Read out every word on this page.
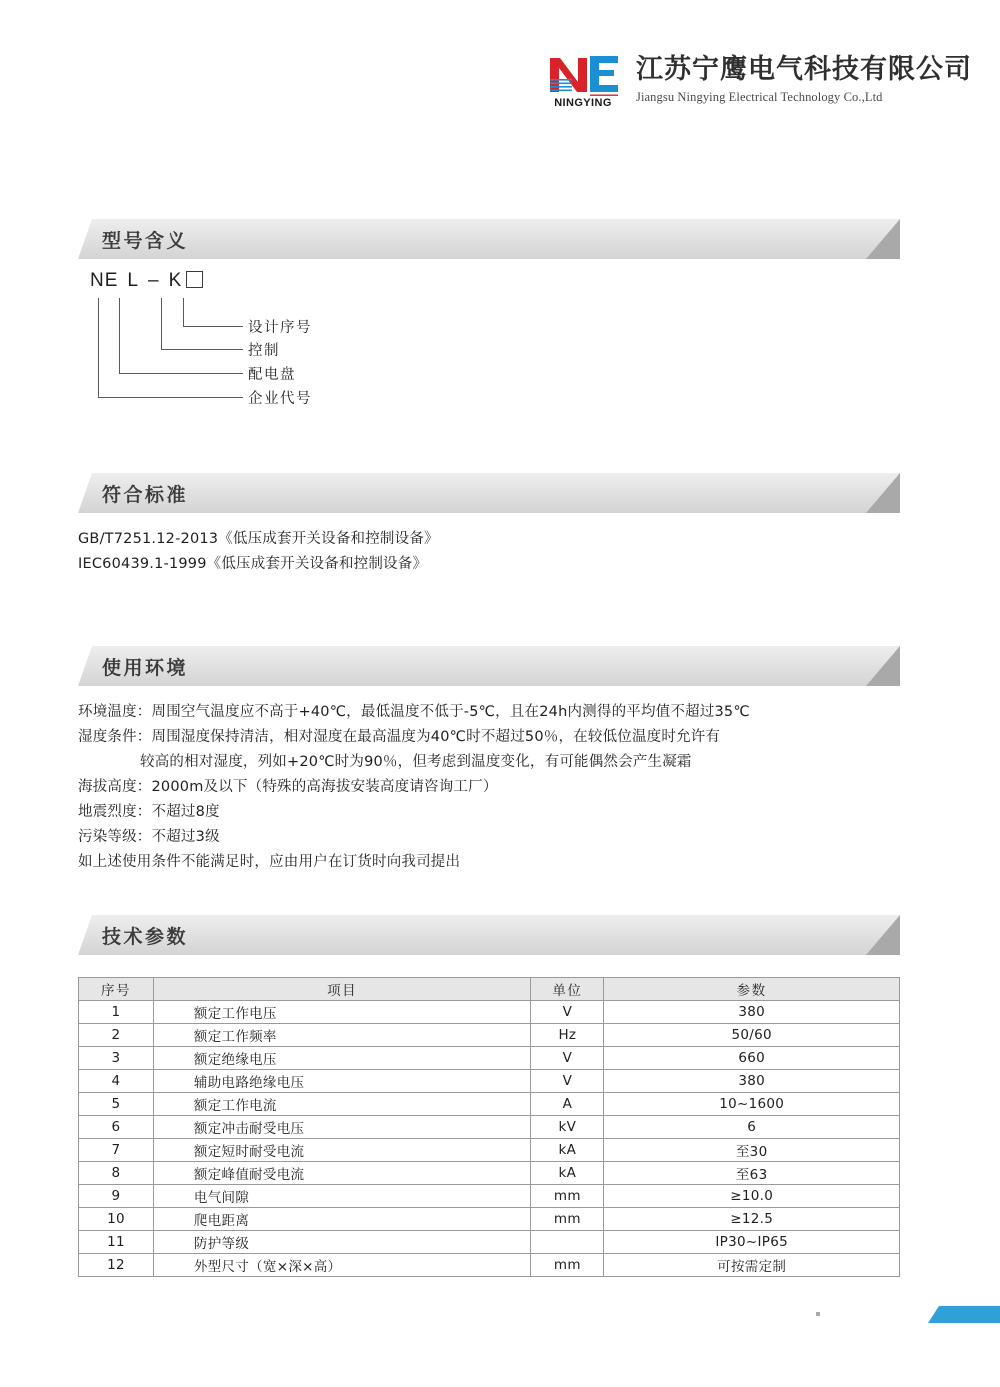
NINGYING
江苏宁鹰电气科技有限公司
Jiangsu Ningying Electrical Technology Co.,Ltd
型号含义
NE L – K
设计序号
控制
配电盘
企业代号
符合标准
GB/T7251.12-2013《低压成套开关设备和控制设备》
IEC60439.1-1999《低压成套开关设备和控制设备》
使用环境
环境温度：周围空气温度应不高于+40℃，最低温度不低于-5℃，且在24h内测得的平均值不超过35℃
湿度条件：周围湿度保持清洁，相对湿度在最高温度为40℃时不超过50％，在较低位温度时允许有
较高的相对湿度，列如+20℃时为90％，但考虑到温度变化，有可能偶然会产生凝霜
海拔高度：2000m及以下（特殊的高海拔安装高度请咨询工厂）
地震烈度：不超过8度
污染等级：不超过3级
如上述使用条件不能满足时，应由用户在订货时向我司提出
技术参数
序号	项目	单位	参数
1	额定工作电压	V	380
2	额定工作频率	Hz	50/60
3	额定绝缘电压	V	660
4	辅助电路绝缘电压	V	380
5	额定工作电流	A	10~1600
6	额定冲击耐受电压	kV	6
7	额定短时耐受电流	kA	至30
8	额定峰值耐受电流	kA	至63
9	电气间隙	mm	≥10.0
10	爬电距离	mm	≥12.5
11	防护等级		IP30~IP65
12	外型尺寸（宽×深×高）	mm	可按需定制
